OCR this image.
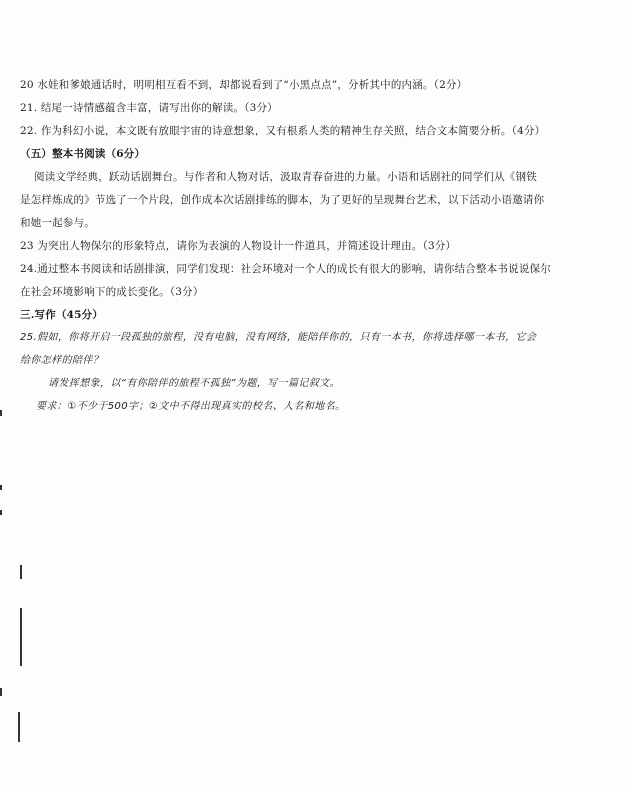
20 水娃和爹娘通话时，明明相互看不到，却都说看到了“小黑点点”，分析其中的内涵。（2分）
21. 结尾一诗情感蕴含丰富，请写出你的解读。（3分）
22. 作为科幻小说，本文既有放眼宇宙的诗意想象，又有根系人类的精神生存关照，结合文本简要分析。（4分）
（五）整本书阅读（6分）
阅读文学经典，跃动话剧舞台。与作者和人物对话，汲取青春奋进的力量。小语和话剧社的同学们从《钢铁
是怎样炼成的》节选了一个片段，创作成本次话剧排练的脚本，为了更好的呈现舞台艺术，以下活动小语邀请你
和她一起参与。
23 为突出人物保尔的形象特点，请你为表演的人物设计一件道具，并简述设计理由。（3分）
24.通过整本书阅读和话剧排演，同学们发现：社会环境对一个人的成长有很大的影响，请你结合整本书说说保尔
在社会环境影响下的成长变化。（3分）
三.写作（45分）
25.假如，你将开启一段孤独的旅程，没有电脑，没有网络，能陪伴你的，只有一本书，你将选择哪一本书，它会
给你怎样的陪伴？
请发挥想象，以“有你陪伴的旅程不孤独”为题，写一篇记叙文。
要求：①不少于500字；②文中不得出现真实的校名、人名和地名。
